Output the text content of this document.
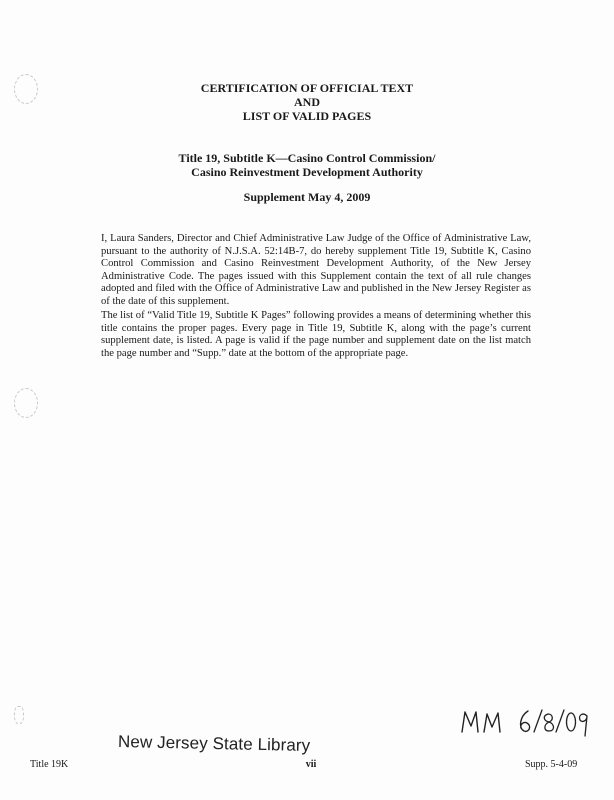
CERTIFICATION OF OFFICIAL TEXT
AND
LIST OF VALID PAGES
Title 19, Subtitle K—Casino Control Commission/
Casino Reinvestment Development Authority
Supplement May 4, 2009

I, Laura Sanders, Director and Chief Administrative Law Judge of the Office of Administrative Law, pursuant to the authority of N.J.S.A. 52:14B-7, do hereby supplement Title 19, Subtitle K, Casino Control Commission and Casino Reinvestment Development Authority, of the New Jersey Administrative Code. The pages issued with this Supplement contain the text of all rule changes adopted and filed with the Office of Administrative Law and published in the New Jersey Register as of the date of this supplement.

The list of “Valid Title 19, Subtitle K Pages” following provides a means of determining whether this title contains the proper pages. Every page in Title 19, Subtitle K, along with the page’s current supplement date, is listed. A page is valid if the page number and supplement date on the list match the page number and “Supp.” date at the bottom of the appropriate page.

New Jersey State Library
Title 19K	vii	Supp. 5-4-09
